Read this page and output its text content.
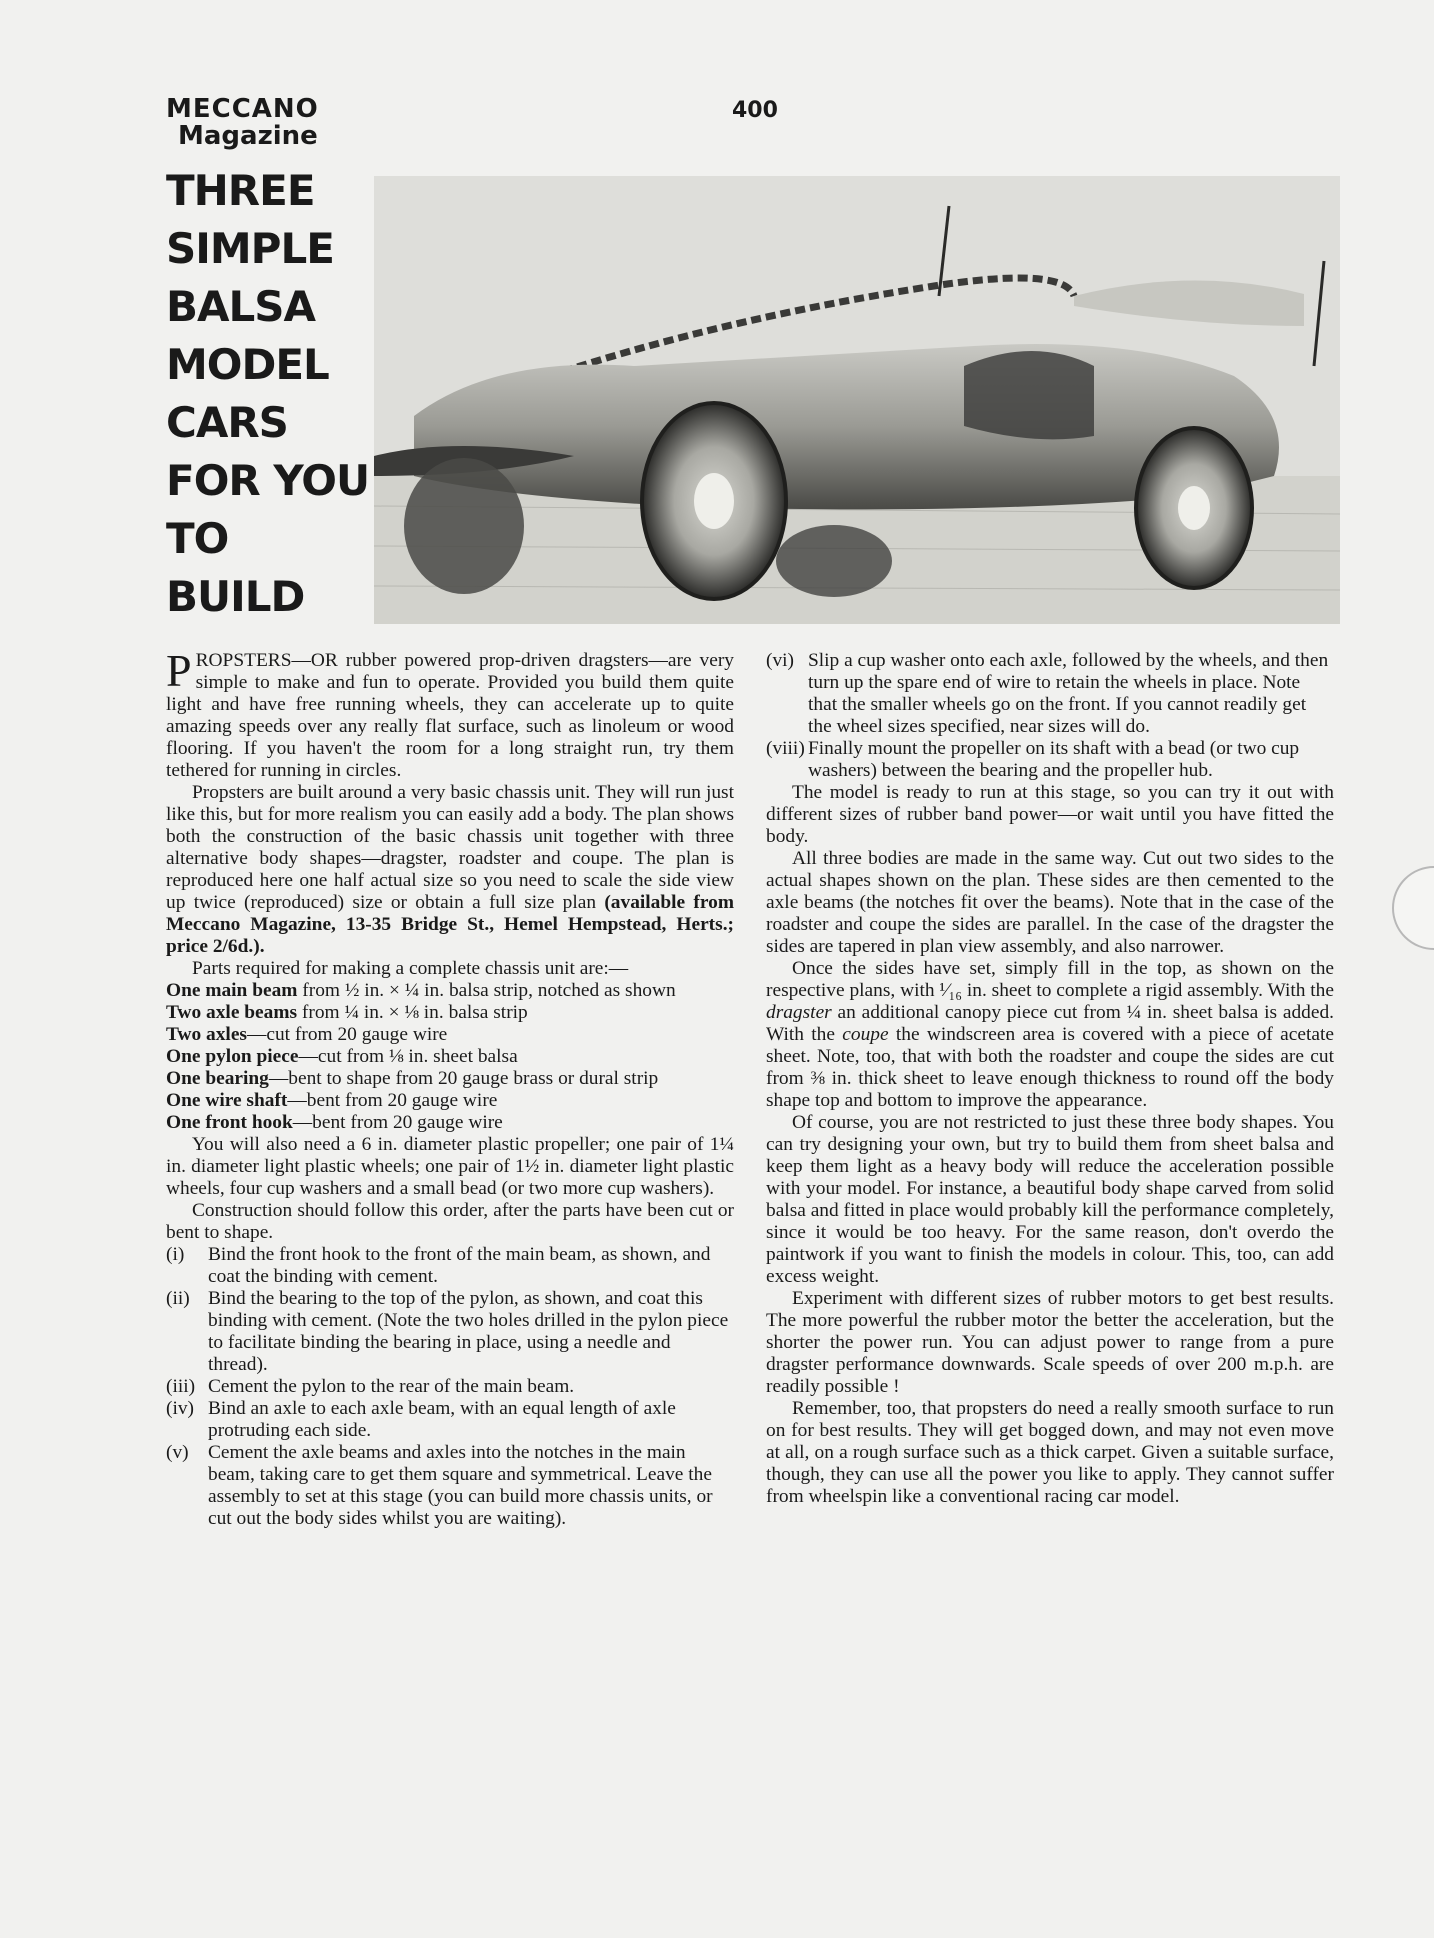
MECCANO
Magazine
400
THREE
SIMPLE
BALSA
MODEL
CARS
FOR YOU
TO BUILD

PROPSTERS—OR rubber powered prop-driven dragsters—are very simple to make and fun to operate. Provided you build them quite light and have free running wheels, they can accelerate up to quite amazing speeds over any really flat surface, such as linoleum or wood flooring. If you haven't the room for a long straight run, try them tethered for running in circles.

Propsters are built around a very basic chassis unit. They will run just like this, but for more realism you can easily add a body. The plan shows both the construction of the basic chassis unit together with three alternative body shapes—dragster, roadster and coupe. The plan is reproduced here one half actual size so you need to scale the side view up twice (reproduced) size or obtain a full size plan (available from Meccano Magazine, 13-35 Bridge St., Hemel Hempstead, Herts.; price 2/6d.).

Parts required for making a complete chassis unit are:—

One main beam from ½ in. × ¼ in. balsa strip, notched as shown

Two axle beams from ¼ in. × ⅛ in. balsa strip

Two axles—cut from 20 gauge wire

One pylon piece—cut from ⅛ in. sheet balsa

One bearing—bent to shape from 20 gauge brass or dural strip

One wire shaft—bent from 20 gauge wire

One front hook—bent from 20 gauge wire

You will also need a 6 in. diameter plastic propeller; one pair of 1¼ in. diameter light plastic wheels; one pair of 1½ in. diameter light plastic wheels, four cup washers and a small bead (or two more cup washers).

Construction should follow this order, after the parts have been cut or bent to shape.

(i) Bind the front hook to the front of the main beam, as shown, and coat the binding with cement.

(ii) Bind the bearing to the top of the pylon, as shown, and coat this binding with cement. (Note the two holes drilled in the pylon piece to facilitate binding the bearing in place, using a needle and thread).

(iii) Cement the pylon to the rear of the main beam.

(iv) Bind an axle to each axle beam, with an equal length of axle protruding each side.

(v) Cement the axle beams and axles into the notches in the main beam, taking care to get them square and symmetrical. Leave the assembly to set at this stage (you can build more chassis units, or cut out the body sides whilst you are waiting).

(vi) Slip a cup washer onto each axle, followed by the wheels, and then turn up the spare end of wire to retain the wheels in place. Note that the smaller wheels go on the front. If you cannot readily get the wheel sizes specified, near sizes will do.

(viii) Finally mount the propeller on its shaft with a bead (or two cup washers) between the bearing and the propeller hub.

The model is ready to run at this stage, so you can try it out with different sizes of rubber band power—or wait until you have fitted the body.

All three bodies are made in the same way. Cut out two sides to the actual shapes shown on the plan. These sides are then cemented to the axle beams (the notches fit over the beams). Note that in the case of the roadster and coupe the sides are parallel. In the case of the dragster the sides are tapered in plan view assembly, and also narrower.

Once the sides have set, simply fill in the top, as shown on the respective plans, with ¹⁄₁₆ in. sheet to complete a rigid assembly. With the dragster an additional canopy piece cut from ¼ in. sheet balsa is added. With the coupe the windscreen area is covered with a piece of acetate sheet. Note, too, that with both the roadster and coupe the sides are cut from ⅜ in. thick sheet to leave enough thickness to round off the body shape top and bottom to improve the appearance.

Of course, you are not restricted to just these three body shapes. You can try designing your own, but try to build them from sheet balsa and keep them light as a heavy body will reduce the acceleration possible with your model. For instance, a beautiful body shape carved from solid balsa and fitted in place would probably kill the performance completely, since it would be too heavy. For the same reason, don't overdo the paintwork if you want to finish the models in colour. This, too, can add excess weight.

Experiment with different sizes of rubber motors to get best results. The more powerful the rubber motor the better the acceleration, but the shorter the power run. You can adjust power to range from a pure dragster performance downwards. Scale speeds of over 200 m.p.h. are readily possible !

Remember, too, that propsters do need a really smooth surface to run on for best results. They will get bogged down, and may not even move at all, on a rough surface such as a thick carpet. Given a suitable surface, though, they can use all the power you like to apply. They cannot suffer from wheelspin like a conventional racing car model.
